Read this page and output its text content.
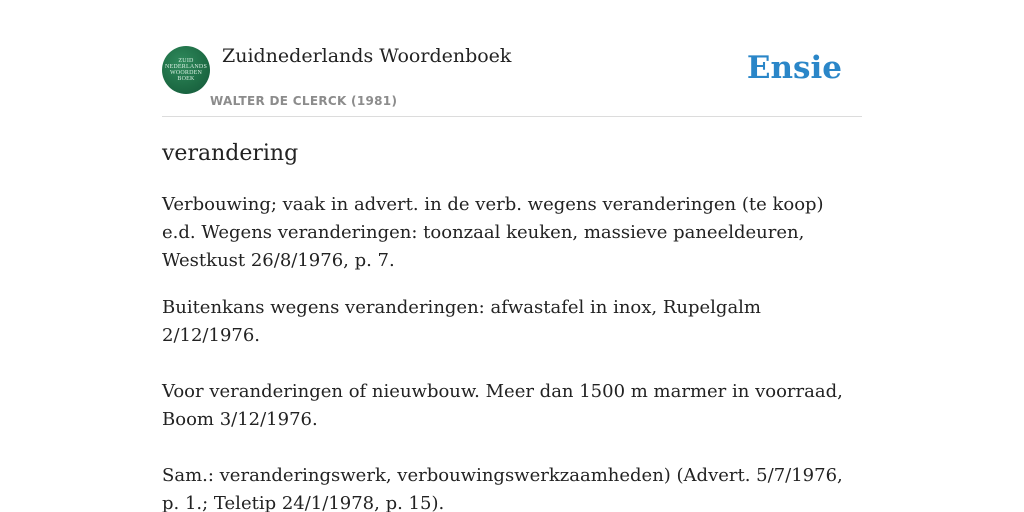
ZUID
NEDERLANDS
WOORDEN
BOEK
Zuidnederlands Woordenboek
WALTER DE CLERCK (1981)
Ensie
verandering

Verbouwing; vaak in advert. in de verb. wegens veranderingen (te koop) e.d. Wegens veranderingen: toonzaal keuken, massieve paneeldeuren, Westkust 26/8/1976, p. 7.

Buitenkans wegens veranderingen: afwastafel in inox, Rupelgalm 2/12/1976.

Voor veranderingen of nieuwbouw. Meer dan 1500 m marmer in voorraad, Boom 3/12/1976.

Sam.: veranderingswerk, verbouwingswerkzaamheden) (Advert. 5/7/1976, p. 1.; Teletip 24/1/1978, p. 15).
